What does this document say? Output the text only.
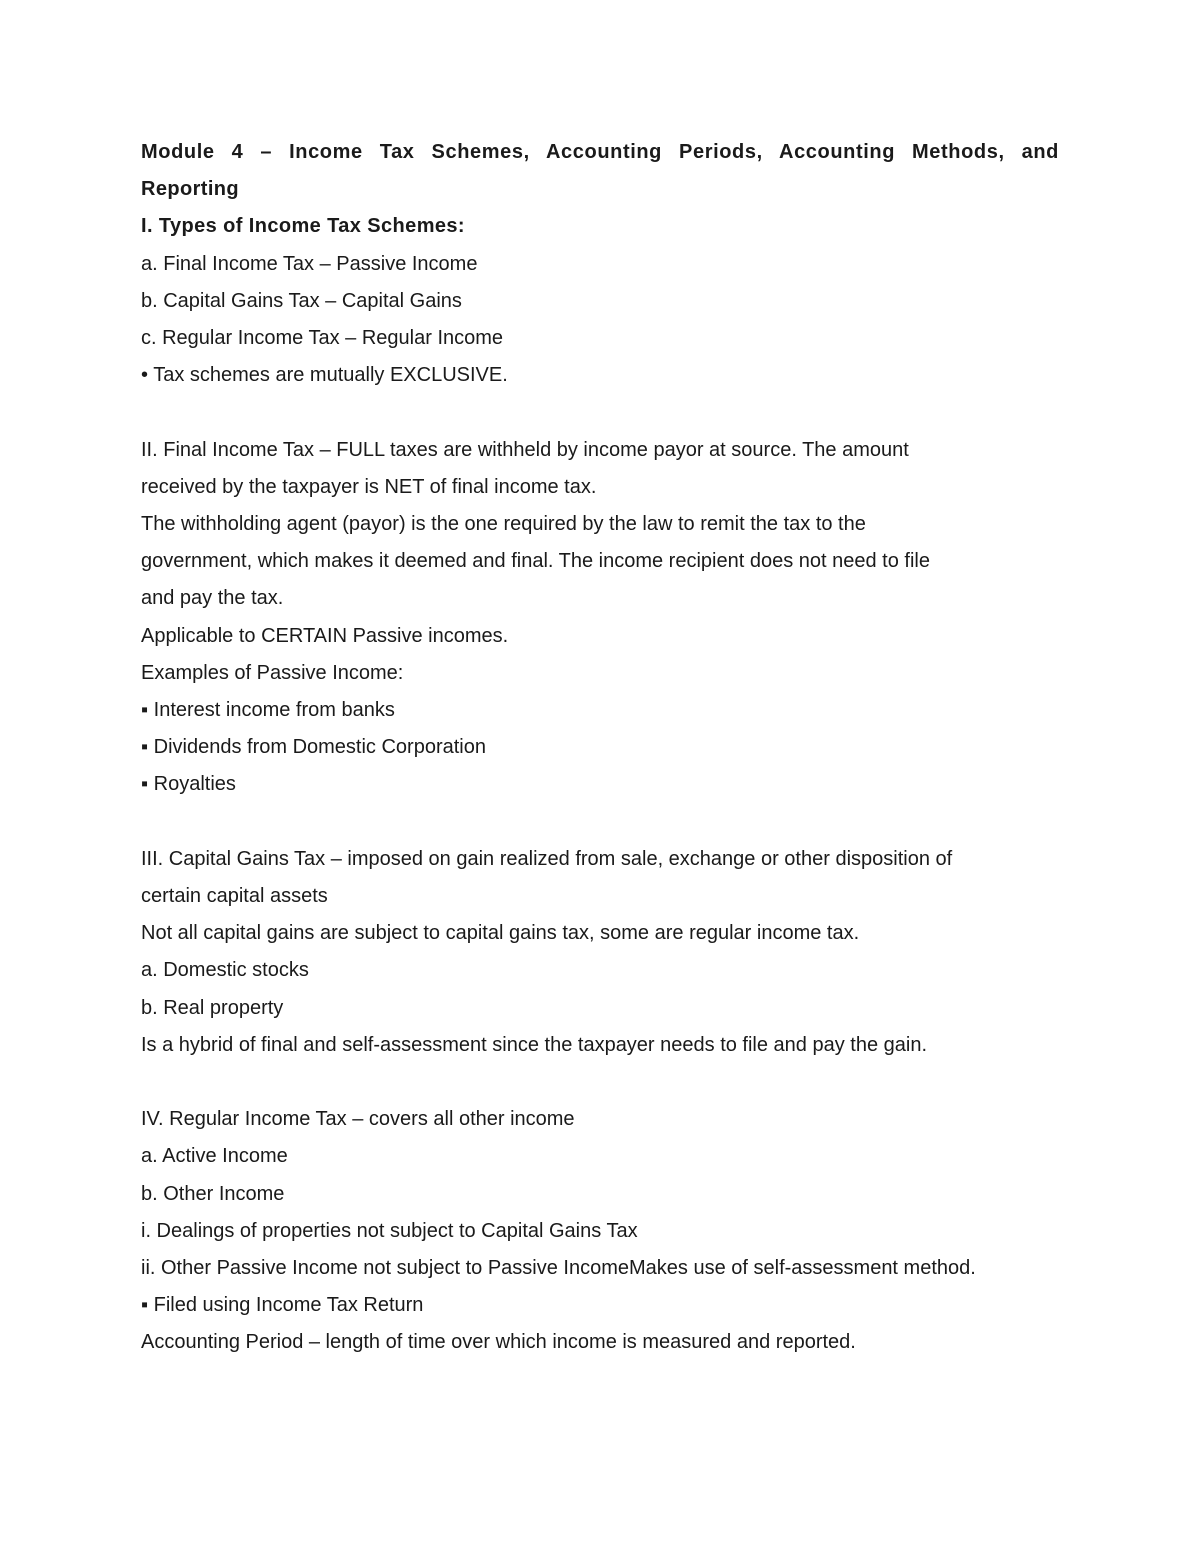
Module 4 – Income Tax Schemes, Accounting Periods, Accounting Methods, and
Reporting
I. Types of Income Tax Schemes:
a. Final Income Tax – Passive Income
b. Capital Gains Tax – Capital Gains
c. Regular Income Tax – Regular Income
• Tax schemes are mutually EXCLUSIVE.
II. Final Income Tax – FULL taxes are withheld by income payor at source. The amount
received by the taxpayer is NET of final income tax.
The withholding agent (payor) is the one required by the law to remit the tax to the
government, which makes it deemed and final. The income recipient does not need to file
and pay the tax.
Applicable to CERTAIN Passive incomes.
Examples of Passive Income:
▪ Interest income from banks
▪ Dividends from Domestic Corporation
▪ Royalties
III. Capital Gains Tax – imposed on gain realized from sale, exchange or other disposition of
certain capital assets
Not all capital gains are subject to capital gains tax, some are regular income tax.
a. Domestic stocks
b. Real property
Is a hybrid of final and self-assessment since the taxpayer needs to file and pay the gain.
IV. Regular Income Tax – covers all other income
a. Active Income
b. Other Income
i. Dealings of properties not subject to Capital Gains Tax
ii. Other Passive Income not subject to Passive IncomeMakes use of self-assessment method.
▪ Filed using Income Tax Return
Accounting Period – length of time over which income is measured and reported.
